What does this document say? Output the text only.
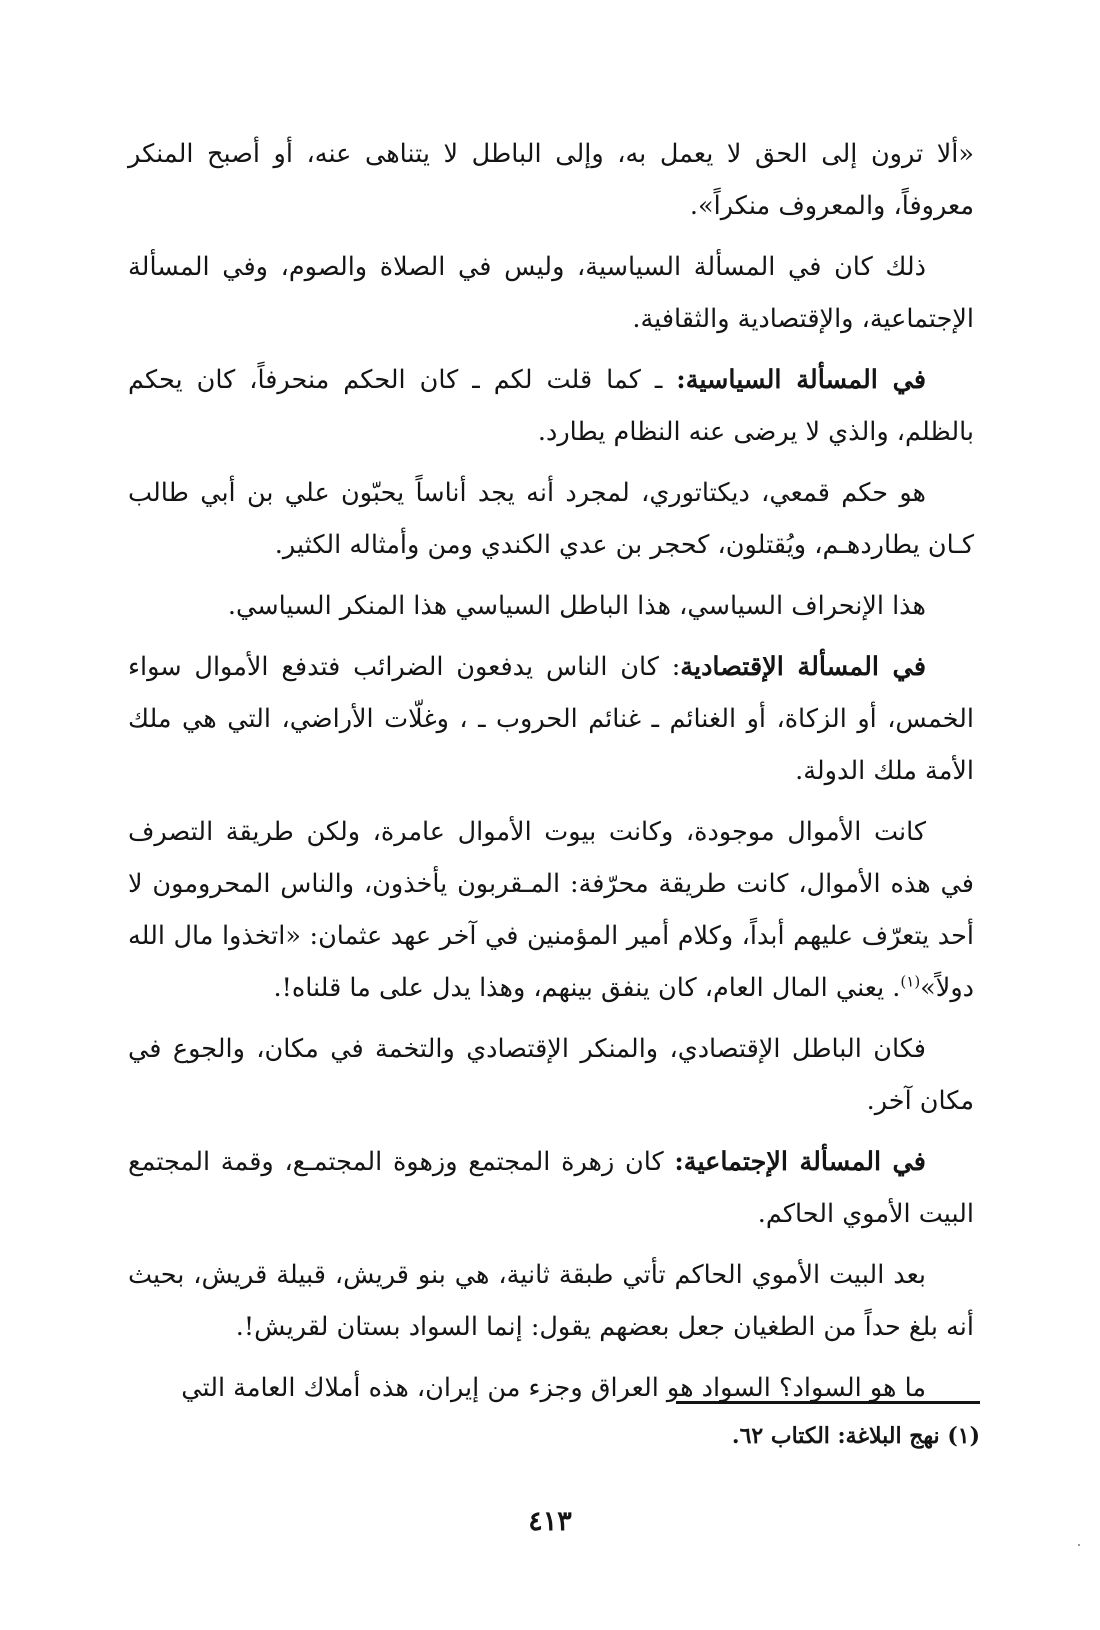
«ألا ترون إلى الحق لا يعمل به، وإلى الباطل لا يتناهى عنه، أو أصبح المنكر معروفاً، والمعروف منكراً».

ذلك كان في المسألة السياسية، وليس في الصلاة والصوم، وفي المسألة الإجتماعية، والإقتصادية والثقافية.

في المسألة السياسية: ـ كما قلت لكم ـ كان الحكم منحرفاً، كان يحكم بالظلم، والذي لا يرضى عنه النظام يطارد.

هو حكم قمعي، ديكتاتوري، لمجرد أنه يجد أناساً يحبّون علي بن أبي طالب كـان يطاردهـم، ويُقتلون، كحجر بن عدي الكندي ومن وأمثاله الكثير.

هذا الإنحراف السياسي، هذا الباطل السياسي هذا المنكر السياسي.

في المسألة الإقتصادية: كان الناس يدفعون الضرائب فتدفع الأموال سواء الخمس، أو الزكاة، أو الغنائم ـ غنائم الحروب ـ ، وغلّات الأراضي، التي هي ملك الأمة ملك الدولة.

كانت الأموال موجودة، وكانت بيوت الأموال عامرة، ولكن طريقة التصرف في هذه الأموال، كانت طريقة محرّفة: المـقربون يأخذون، والناس المحرومون لا أحد يتعرّف عليهم أبداً، وكلام أمير المؤمنين في آخر عهد عثمان: «اتخذوا مال الله دولاً»$^{(١)}$. يعني المال العام، كان ينفق بينهم، وهذا يدل على ما قلناه!.

فكان الباطل الإقتصادي، والمنكر الإقتصادي والتخمة في مكان، والجوع في مكان آخر.

في المسألة الإجتماعية: كان زهرة المجتمع وزهوة المجتمـع، وقمة المجتمع البيت الأموي الحاكم.

بعد البيت الأموي الحاكم تأتي طبقة ثانية، هي بنو قريش، قبيلة قريش، بحيث أنه بلغ حداً من الطغيان جعل بعضهم يقول: إنما السواد بستان لقريش!.

ما هو السواد؟ السواد هو العراق وجزء من إيران، هذه أملاك العامة التي

(١) نهج البلاغة: الكتاب ٦٢.
٤١٣
